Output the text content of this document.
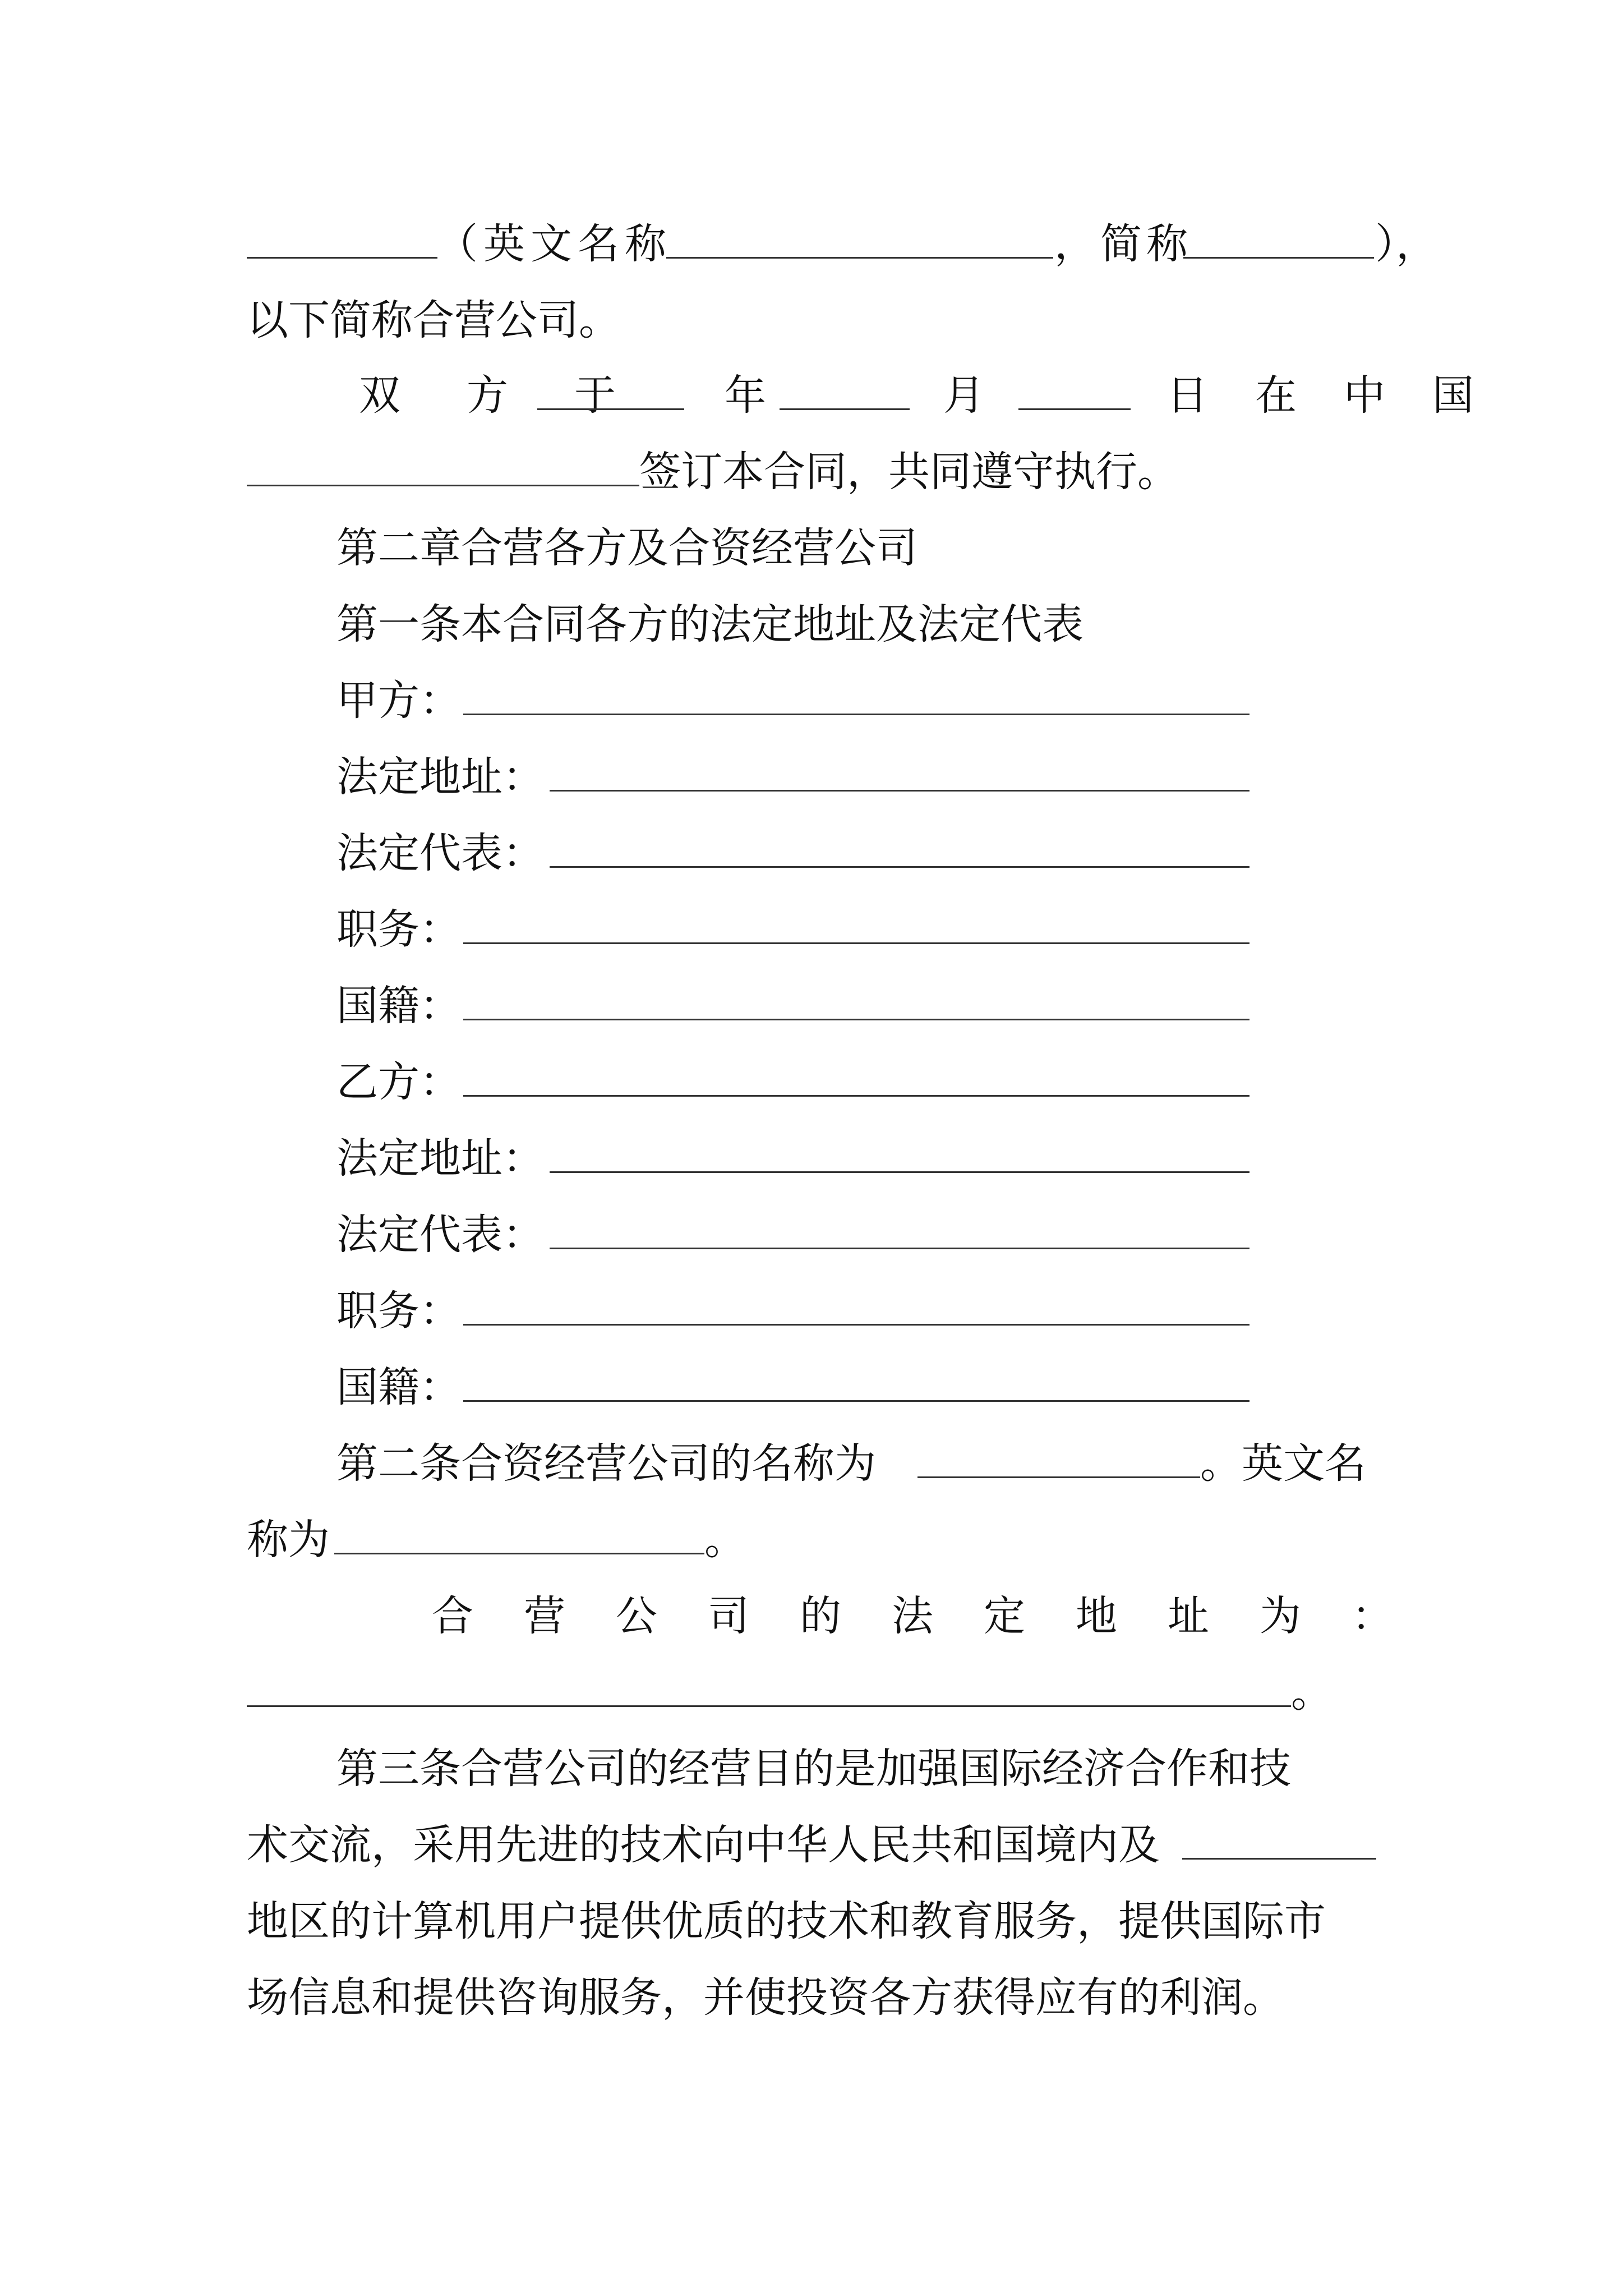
（英文名称	，简称	），
以下简称合营公司。
双方于 年	月	日在中国
签订本合同，共同遵守执行。
第二章合营各方及合资经营公司
第一条本合同各方的法定地址及法定代表
甲方：
法定地址：
法定代表：
职务：
国籍：
乙方：
法定地址：
法定代表：
职务：
国籍：
第二条合资经营公司的名称为	。英文名
称为	。
合营公司的法定地址为：
。
第三条合营公司的经营目的是加强国际经济合作和技
术交流，采用先进的技术向中华人民共和国境内及
地区的计算机用户提供优质的技术和教育服务，提供国际市
场信息和提供咨询服务，并使投资各方获得应有的利润。
